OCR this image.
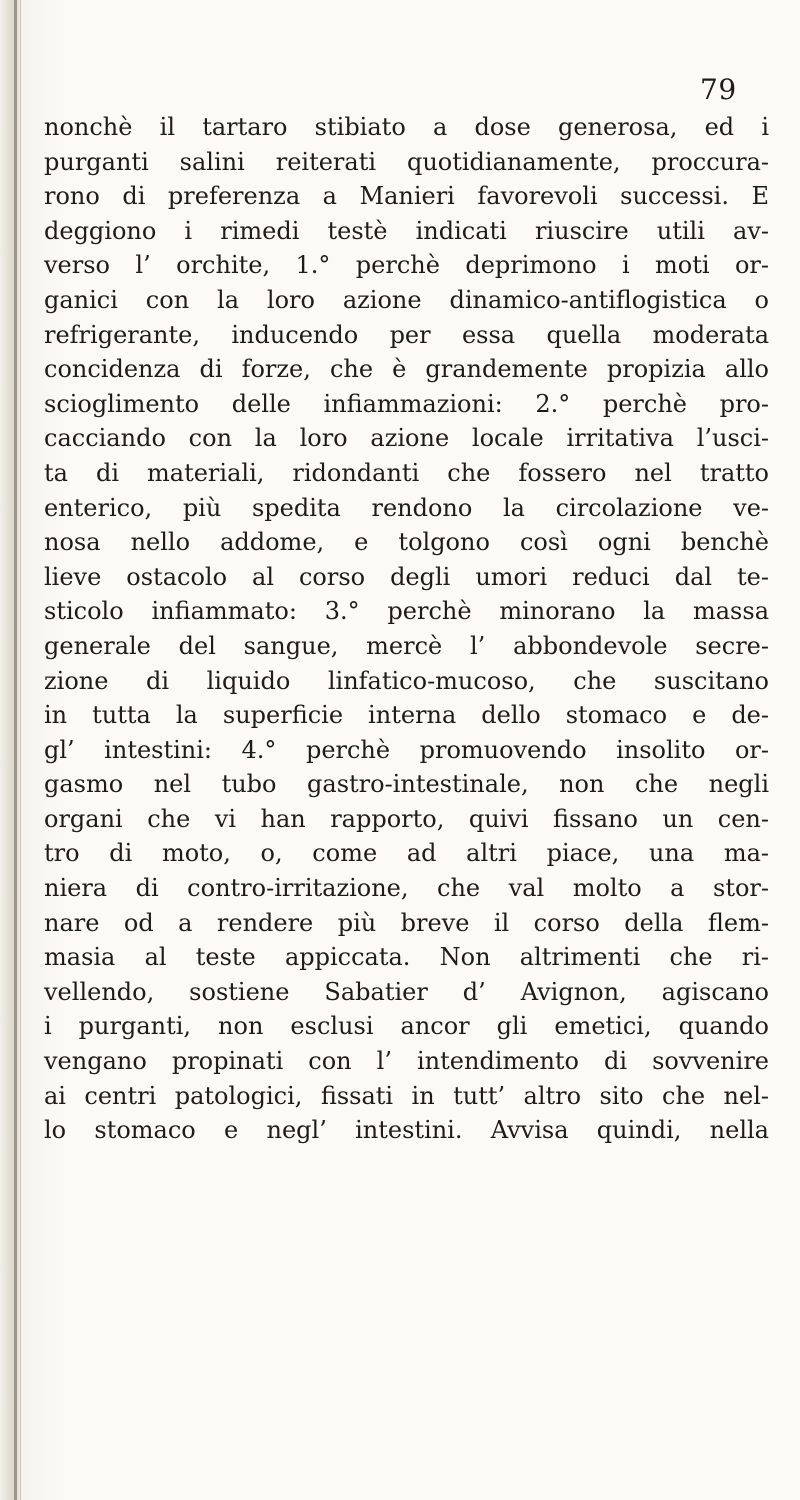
79
nonchè il tartaro stibiato a dose generosa, ed i
purganti salini reiterati quotidianamente, proccura-
rono di preferenza a Manieri favorevoli successi. E
deggiono i rimedi testè indicati riuscire utili av-
verso l’ orchite, 1.° perchè deprimono i moti or-
ganici con la loro azione dinamico-antiflogistica o
refrigerante, inducendo per essa quella moderata
concidenza di forze, che è grandemente propizia allo
scioglimento delle infiammazioni: 2.° perchè pro-
cacciando con la loro azione locale irritativa l’usci-
ta di materiali, ridondanti che fossero nel tratto
enterico, più spedita rendono la circolazione ve-
nosa nello addome, e tolgono così ogni benchè
lieve ostacolo al corso degli umori reduci dal te-
sticolo infiammato: 3.° perchè minorano la massa
generale del sangue, mercè l’ abbondevole secre-
zione di liquido linfatico-mucoso, che suscitano
in tutta la superficie interna dello stomaco e de-
gl’ intestini: 4.° perchè promuovendo insolito or-
gasmo nel tubo gastro-intestinale, non che negli
organi che vi han rapporto, quivi fissano un cen-
tro di moto, o, come ad altri piace, una ma-
niera di contro-irritazione, che val molto a stor-
nare od a rendere più breve il corso della flem-
masia al teste appiccata. Non altrimenti che ri-
vellendo, sostiene Sabatier d’ Avignon, agiscano
i purganti, non esclusi ancor gli emetici, quando
vengano propinati con l’ intendimento di sovvenire
ai centri patologici, fissati in tutt’ altro sito che nel-
lo stomaco e negl’ intestini. Avvisa quindi, nella
